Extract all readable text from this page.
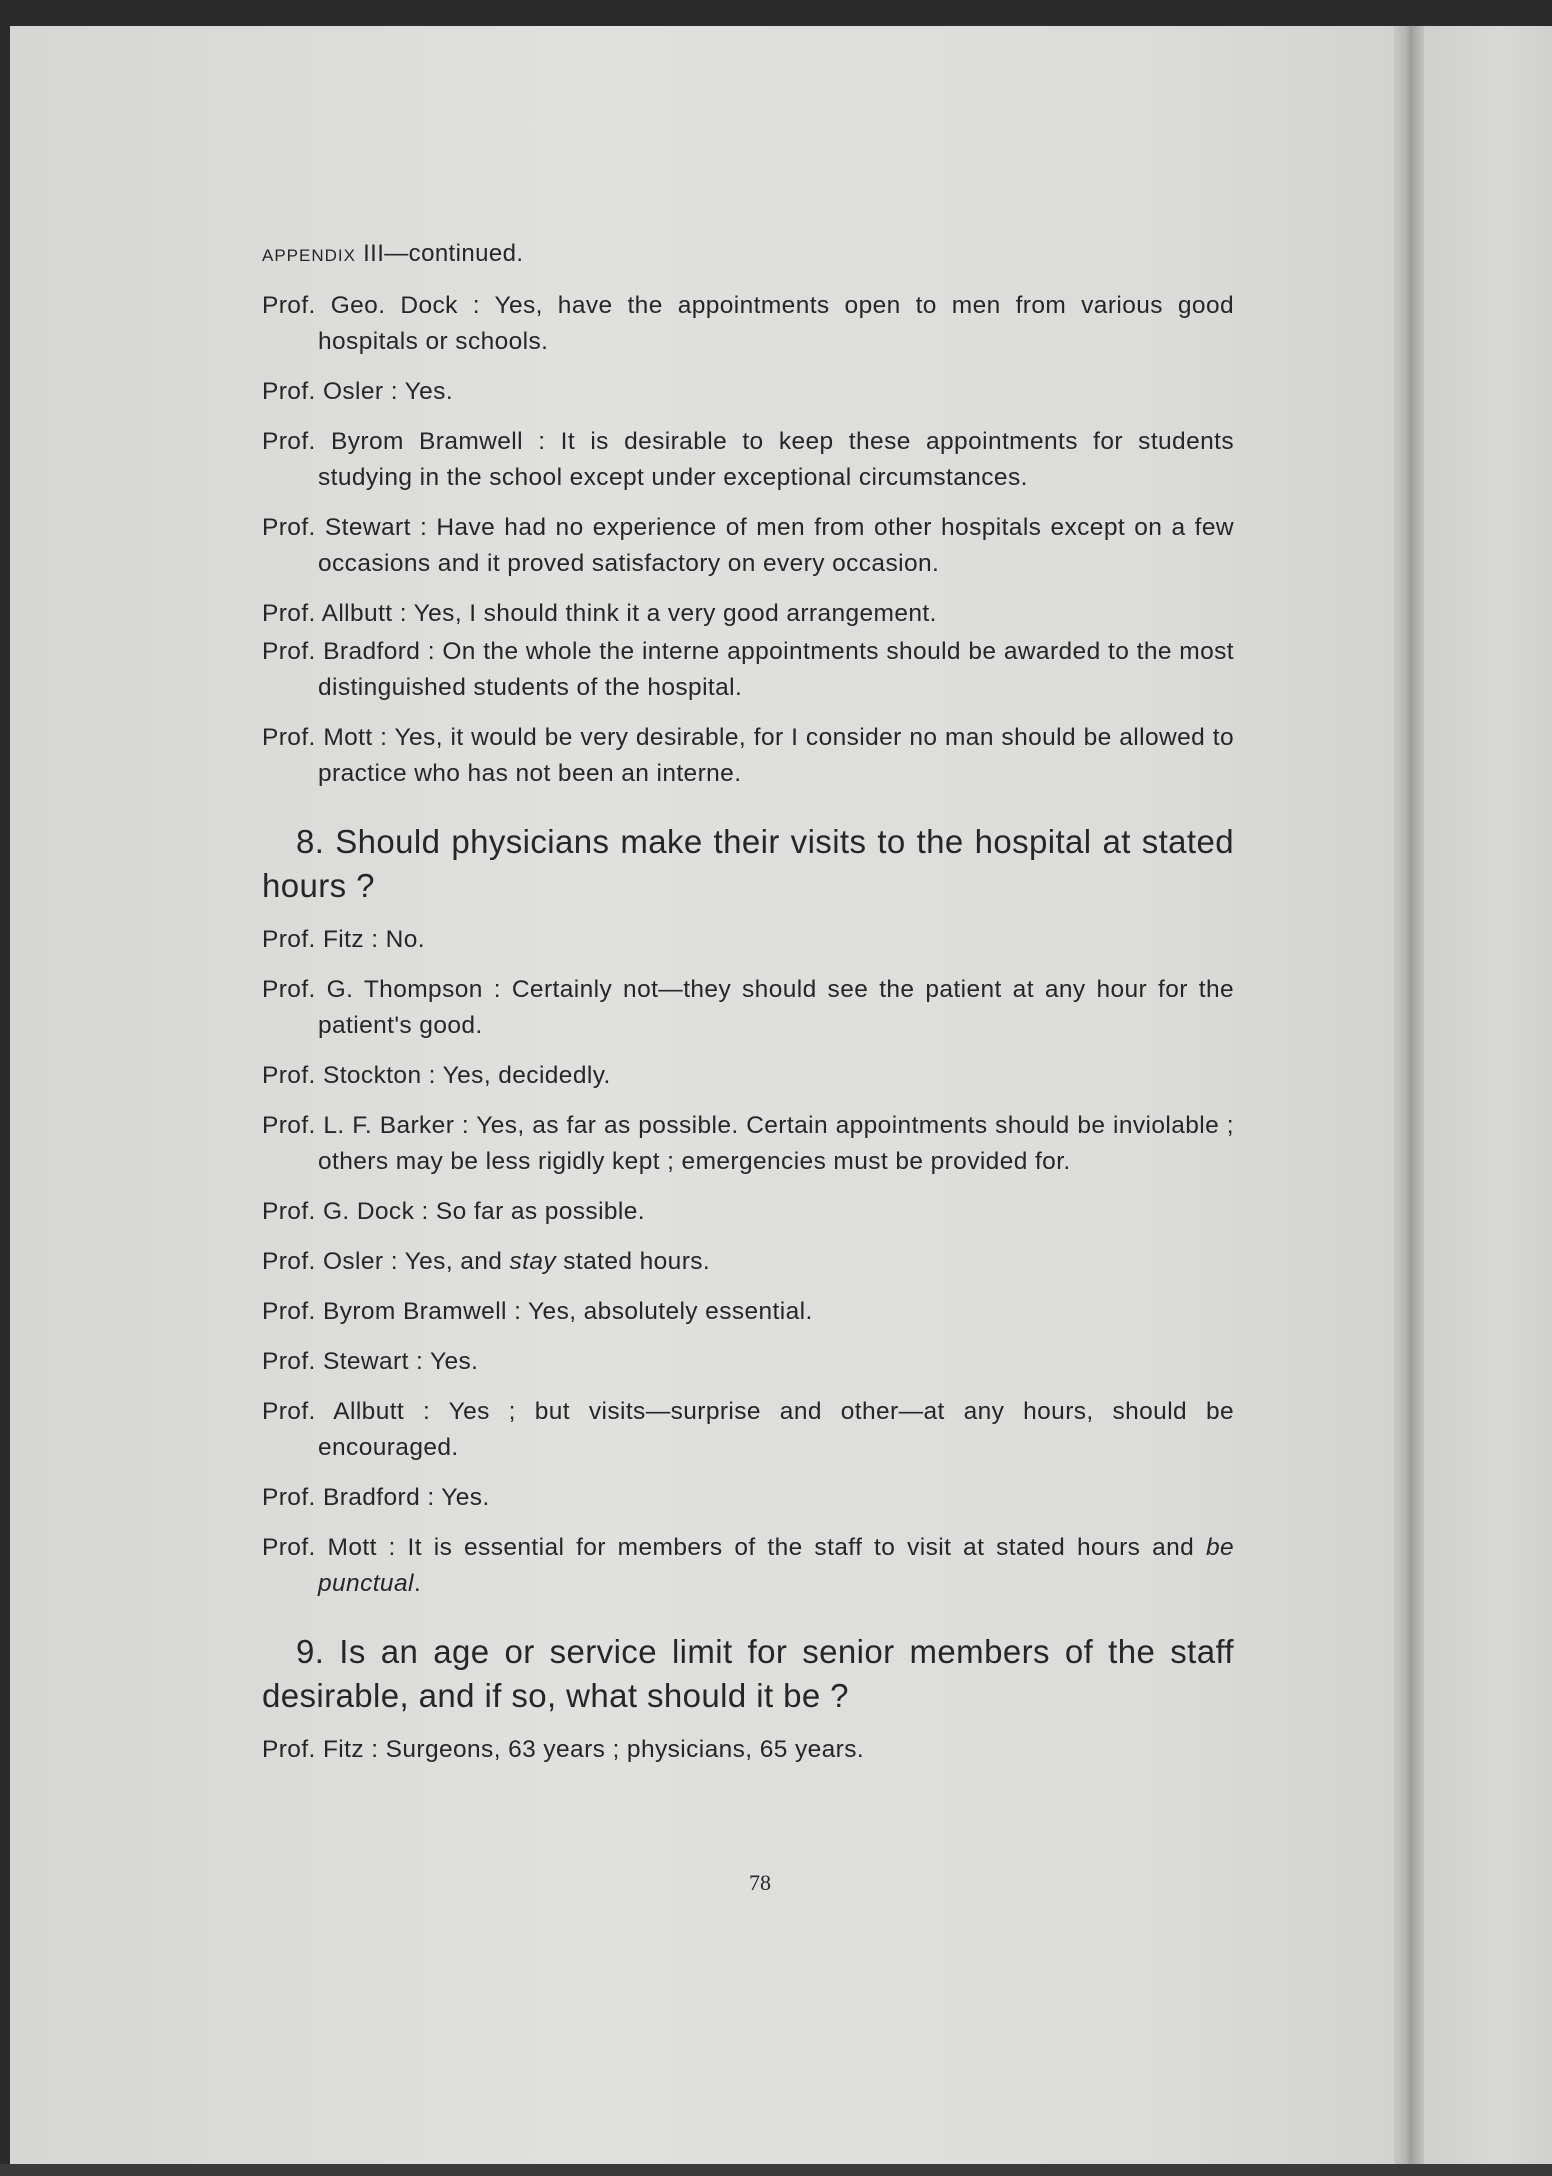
APPENDIX III—continued.

Prof. Geo. Dock : Yes, have the appointments open to men from various good hospitals or schools.

Prof. Osler : Yes.

Prof. Byrom Bramwell : It is desirable to keep these appointments for students studying in the school except under exceptional circumstances.

Prof. Stewart : Have had no experience of men from other hospitals except on a few occasions and it proved satisfactory on every occasion.

Prof. Allbutt : Yes, I should think it a very good arrangement.

Prof. Bradford : On the whole the interne appointments should be awarded to the most distinguished students of the hospital.

Prof. Mott : Yes, it would be very desirable, for I consider no man should be allowed to practice who has not been an interne.

8. Should physicians make their visits to the hospital at stated hours ?

Prof. Fitz : No.

Prof. G. Thompson : Certainly not—they should see the patient at any hour for the patient's good.

Prof. Stockton : Yes, decidedly.

Prof. L. F. Barker : Yes, as far as possible. Certain appointments should be inviolable ; others may be less rigidly kept ; emergencies must be provided for.

Prof. G. Dock : So far as possible.

Prof. Osler : Yes, and stay stated hours.

Prof. Byrom Bramwell : Yes, absolutely essential.

Prof. Stewart : Yes.

Prof. Allbutt : Yes ; but visits—surprise and other—at any hours, should be encouraged.

Prof. Bradford : Yes.

Prof. Mott : It is essential for members of the staff to visit at stated hours and be punctual.

9. Is an age or service limit for senior members of the staff desirable, and if so, what should it be ?

Prof. Fitz : Surgeons, 63 years ; physicians, 65 years.

78
